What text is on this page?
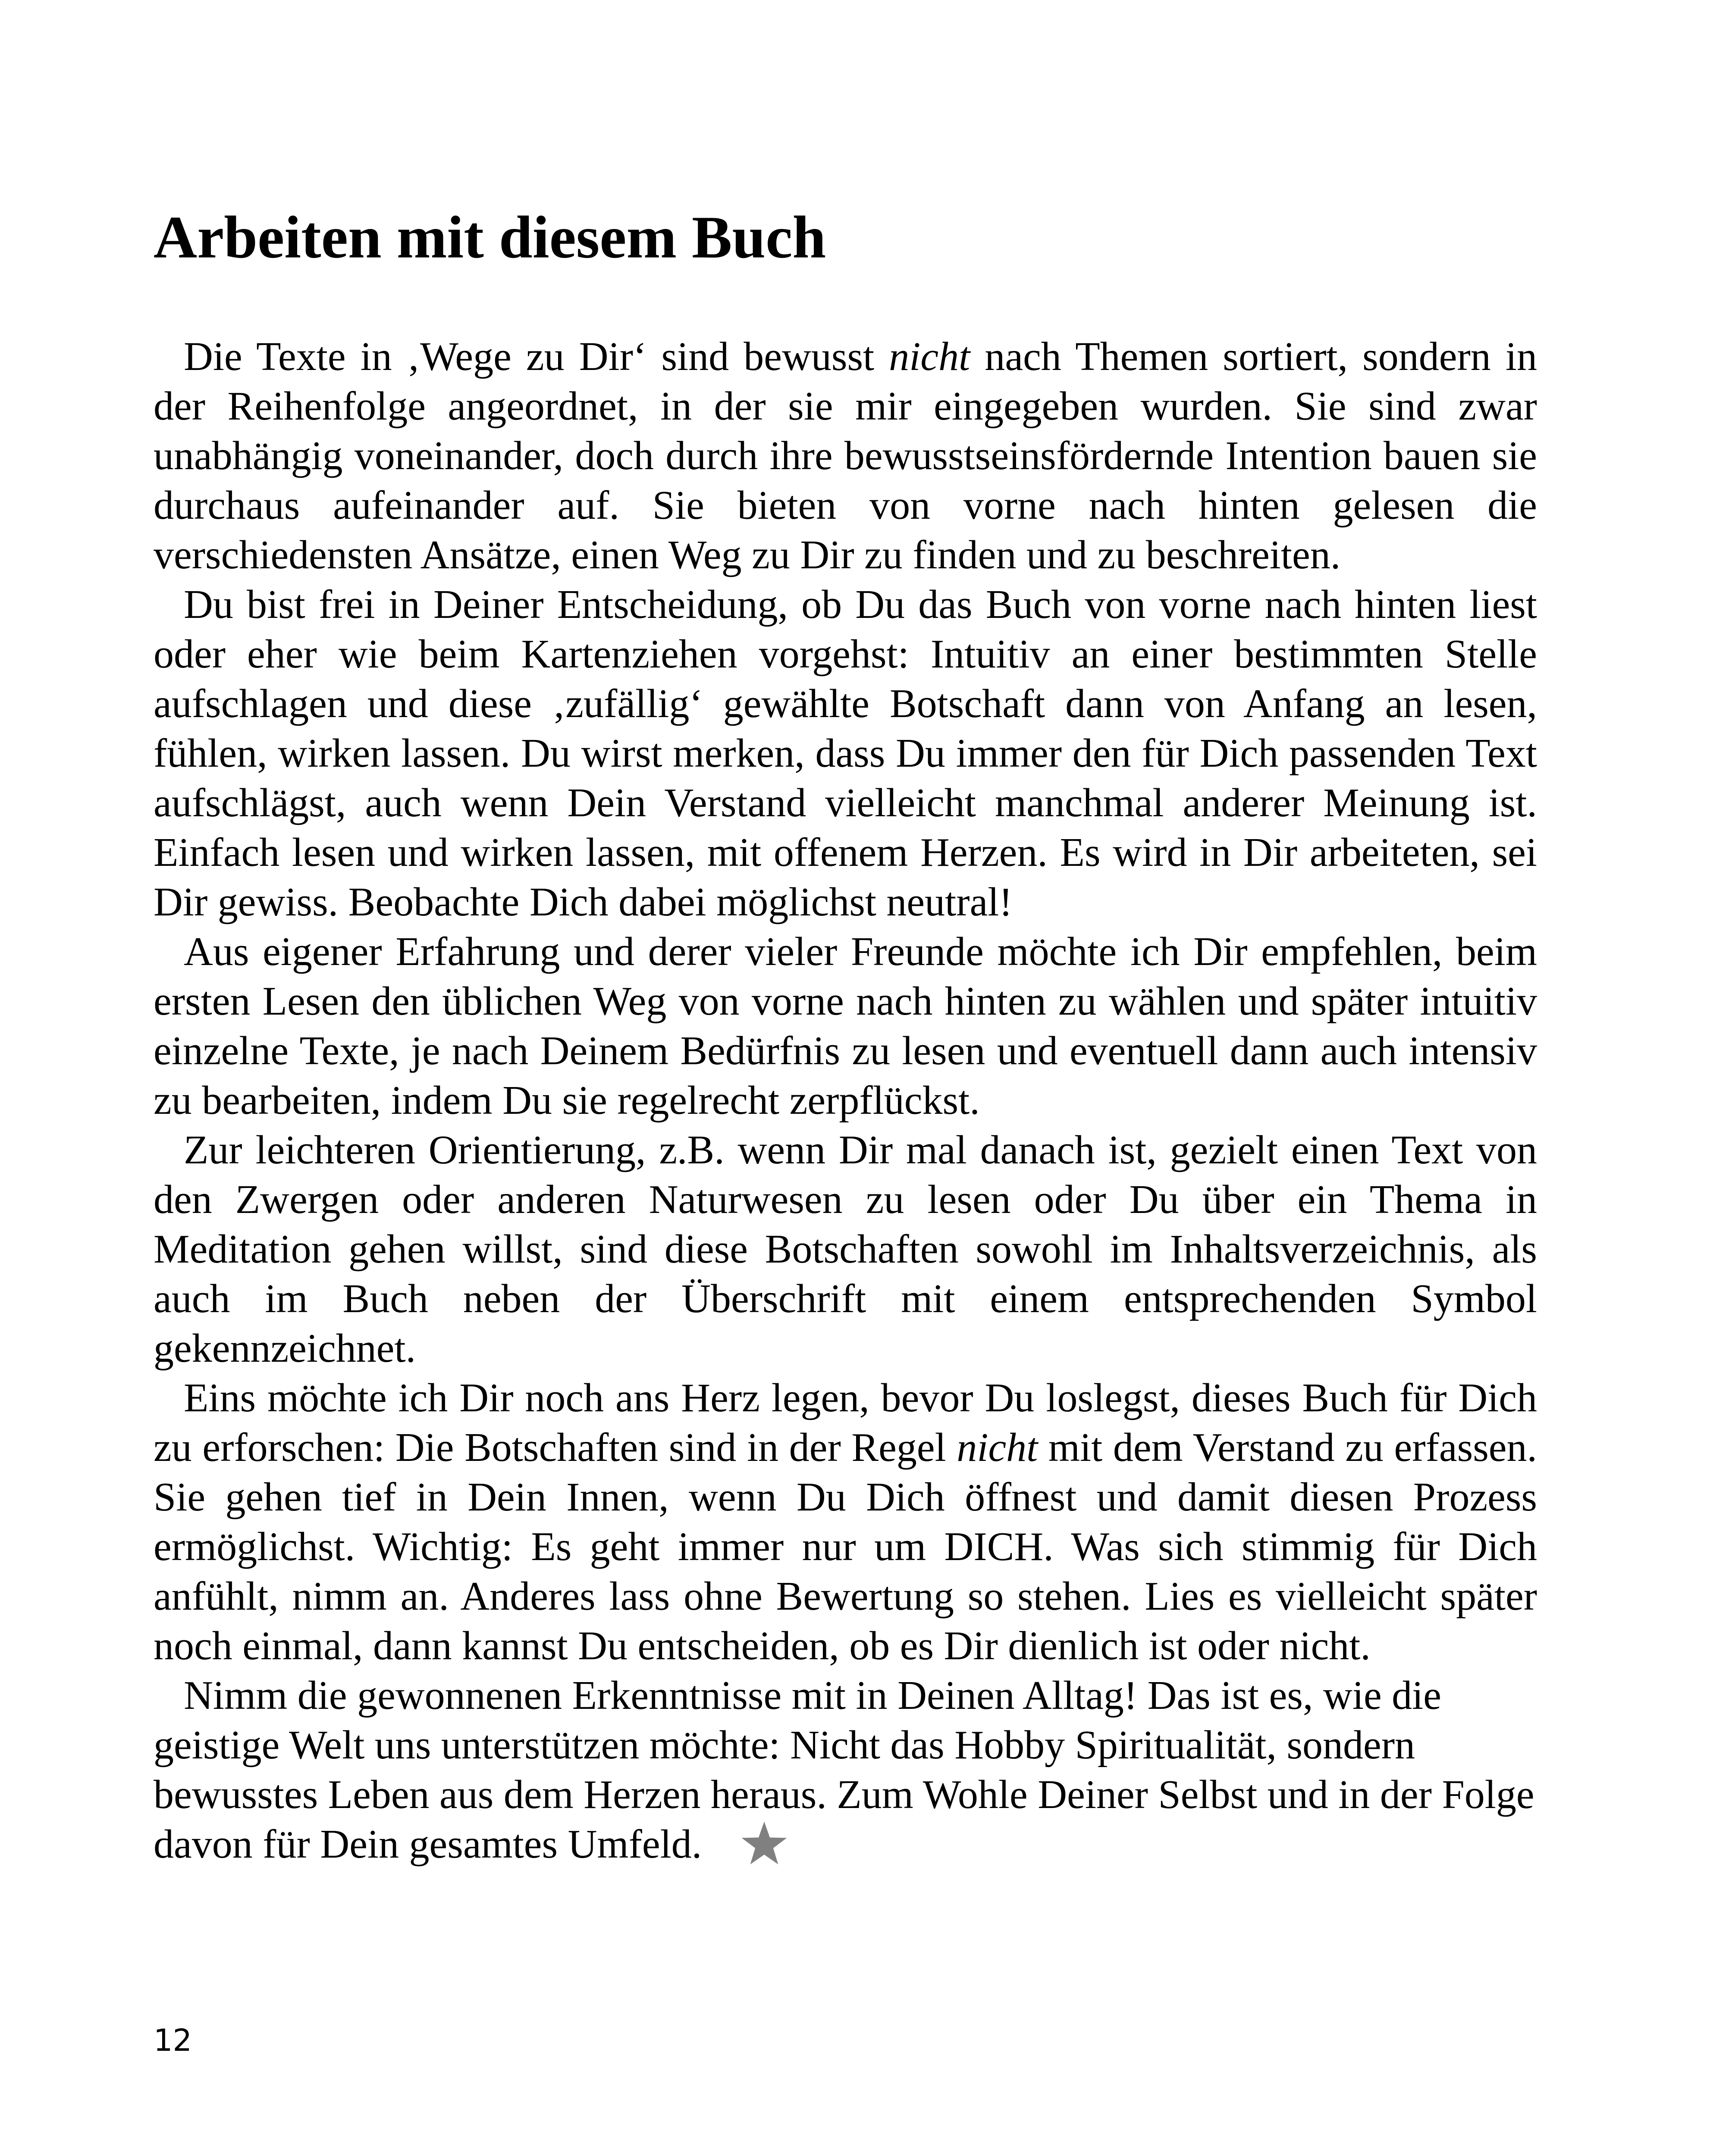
Arbeiten mit diesem Buch

Die Texte in ‚Wege zu Dir‘ sind bewusst nicht nach Themen sortiert, sondern in der Reihenfolge angeordnet, in der sie mir eingegeben wurden. Sie sind zwar unabhängig voneinander, doch durch ihre bewusstseinsfördernde Intention bauen sie durchaus aufeinander auf. Sie bieten von vorne nach hinten gelesen die verschiedensten Ansätze, einen Weg zu Dir zu finden und zu beschreiten.

Du bist frei in Deiner Entscheidung, ob Du das Buch von vorne nach hinten liest oder eher wie beim Kartenziehen vorgehst: Intuitiv an einer bestimmten Stelle aufschlagen und diese ‚zufällig‘ gewählte Botschaft dann von Anfang an lesen, fühlen, wirken lassen. Du wirst merken, dass Du immer den für Dich passenden Text aufschlägst, auch wenn Dein Verstand vielleicht manchmal anderer Meinung ist. Einfach lesen und wirken lassen, mit offenem Herzen. Es wird in Dir arbeiteten, sei Dir gewiss. Beobachte Dich dabei möglichst neutral!

Aus eigener Erfahrung und derer vieler Freunde möchte ich Dir empfehlen, beim ersten Lesen den üblichen Weg von vorne nach hinten zu wählen und später intuitiv einzelne Texte, je nach Deinem Bedürfnis zu lesen und eventuell dann auch intensiv zu bearbeiten, indem Du sie regelrecht zerpflückst.

Zur leichteren Orientierung, z.B. wenn Dir mal danach ist, gezielt einen Text von den Zwergen oder anderen Naturwesen zu lesen oder Du über ein Thema in Meditation gehen willst, sind diese Botschaften sowohl im Inhaltsverzeichnis, als auch im Buch neben der Überschrift mit einem entsprechenden Symbol gekennzeichnet.

Eins möchte ich Dir noch ans Herz legen, bevor Du loslegst, dieses Buch für Dich zu erforschen: Die Botschaften sind in der Regel nicht mit dem Verstand zu erfassen. Sie gehen tief in Dein Innen, wenn Du Dich öffnest und damit diesen Prozess ermöglichst. Wichtig: Es geht immer nur um DICH. Was sich stimmig für Dich anfühlt, nimm an. Anderes lass ohne Bewertung so stehen. Lies es vielleicht später noch einmal, dann kannst Du entscheiden, ob es Dir dienlich ist oder nicht.

Nimm die gewonnenen Erkenntnisse mit in Deinen Alltag! Das ist es, wie die geistige Welt uns unterstützen möchte: Nicht das Hobby Spiritualität, sondern bewusstes Leben aus dem Herzen heraus. Zum Wohle Deiner Selbst und in der Folge davon für Dein gesamtes Umfeld.

12
